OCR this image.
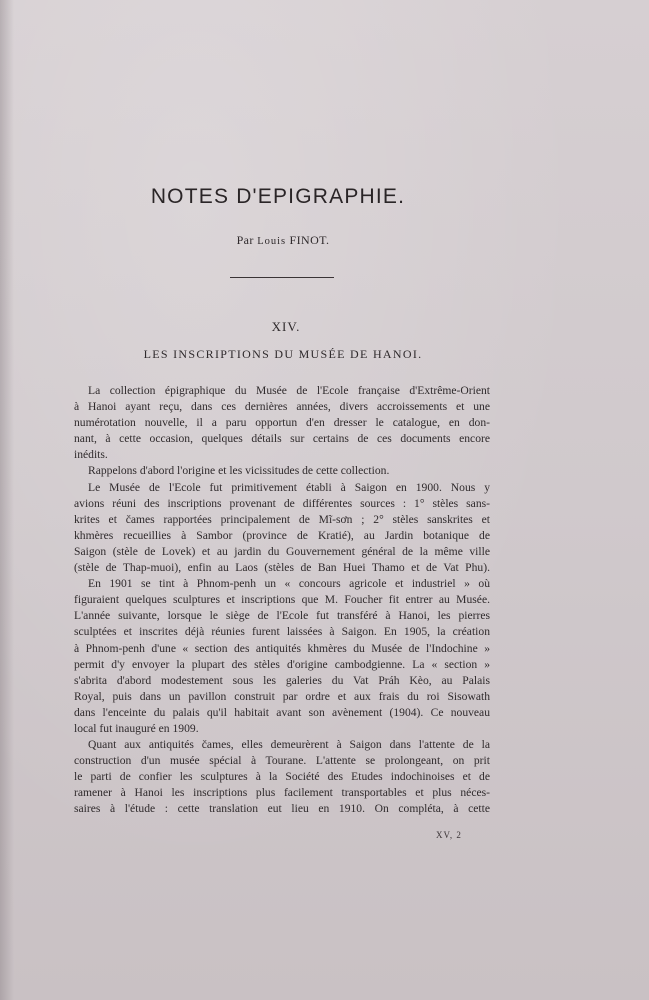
NOTES D'EPIGRAPHIE.
Par Louis FINOT.
XIV.
LES INSCRIPTIONS DU MUSÉE DE HANOI.
La collection épigraphique du Musée de l'Ecole française d'Extrême-Orient
à Hanoi ayant reçu, dans ces dernières années, divers accroissements et une
numérotation nouvelle, il a paru opportun d'en dresser le catalogue, en don-
nant, à cette occasion, quelques détails sur certains de ces documents encore
inédits.
Rappelons d'abord l'origine et les vicissitudes de cette collection.
Le Musée de l'Ecole fut primitivement établi à Saigon en 1900. Nous y
avions réuni des inscriptions provenant de différentes sources : 1° stèles sans-
krites et čames rapportées principalement de Mĩ-sơn ; 2° stèles sanskrites et
khmères recueillies à Sambor (province de Kratié), au Jardin botanique de
Saigon (stèle de Lovek) et au jardin du Gouvernement général de la même ville
(stèle de Thap-muoi), enfin au Laos (stèles de Ban Huei Thamo et de Vat Phu).
En 1901 se tint à Phnom-penh un « concours agricole et industriel » où
figuraient quelques sculptures et inscriptions que M. Foucher fit entrer au Musée.
L'année suivante, lorsque le siège de l'Ecole fut transféré à Hanoi, les pierres
sculptées et inscrites déjà réunies furent laissées à Saigon. En 1905, la création
à Phnom-penh d'une « section des antiquités khmères du Musée de l'Indochine »
permit d'y envoyer la plupart des stèles d'origine cambodgienne. La « section »
s'abrita d'abord modestement sous les galeries du Vat Práh Kèo, au Palais
Royal, puis dans un pavillon construit par ordre et aux frais du roi Sisowath
dans l'enceinte du palais qu'il habitait avant son avènement (1904). Ce nouveau
local fut inauguré en 1909.
Quant aux antiquités čames, elles demeurèrent à Saigon dans l'attente de la
construction d'un musée spécial à Tourane. L'attente se prolongeant, on prit
le parti de confier les sculptures à la Société des Etudes indochinoises et de
ramener à Hanoi les inscriptions plus facilement transportables et plus néces-
saires à l'étude : cette translation eut lieu en 1910. On compléta, à cette
XV, 2
